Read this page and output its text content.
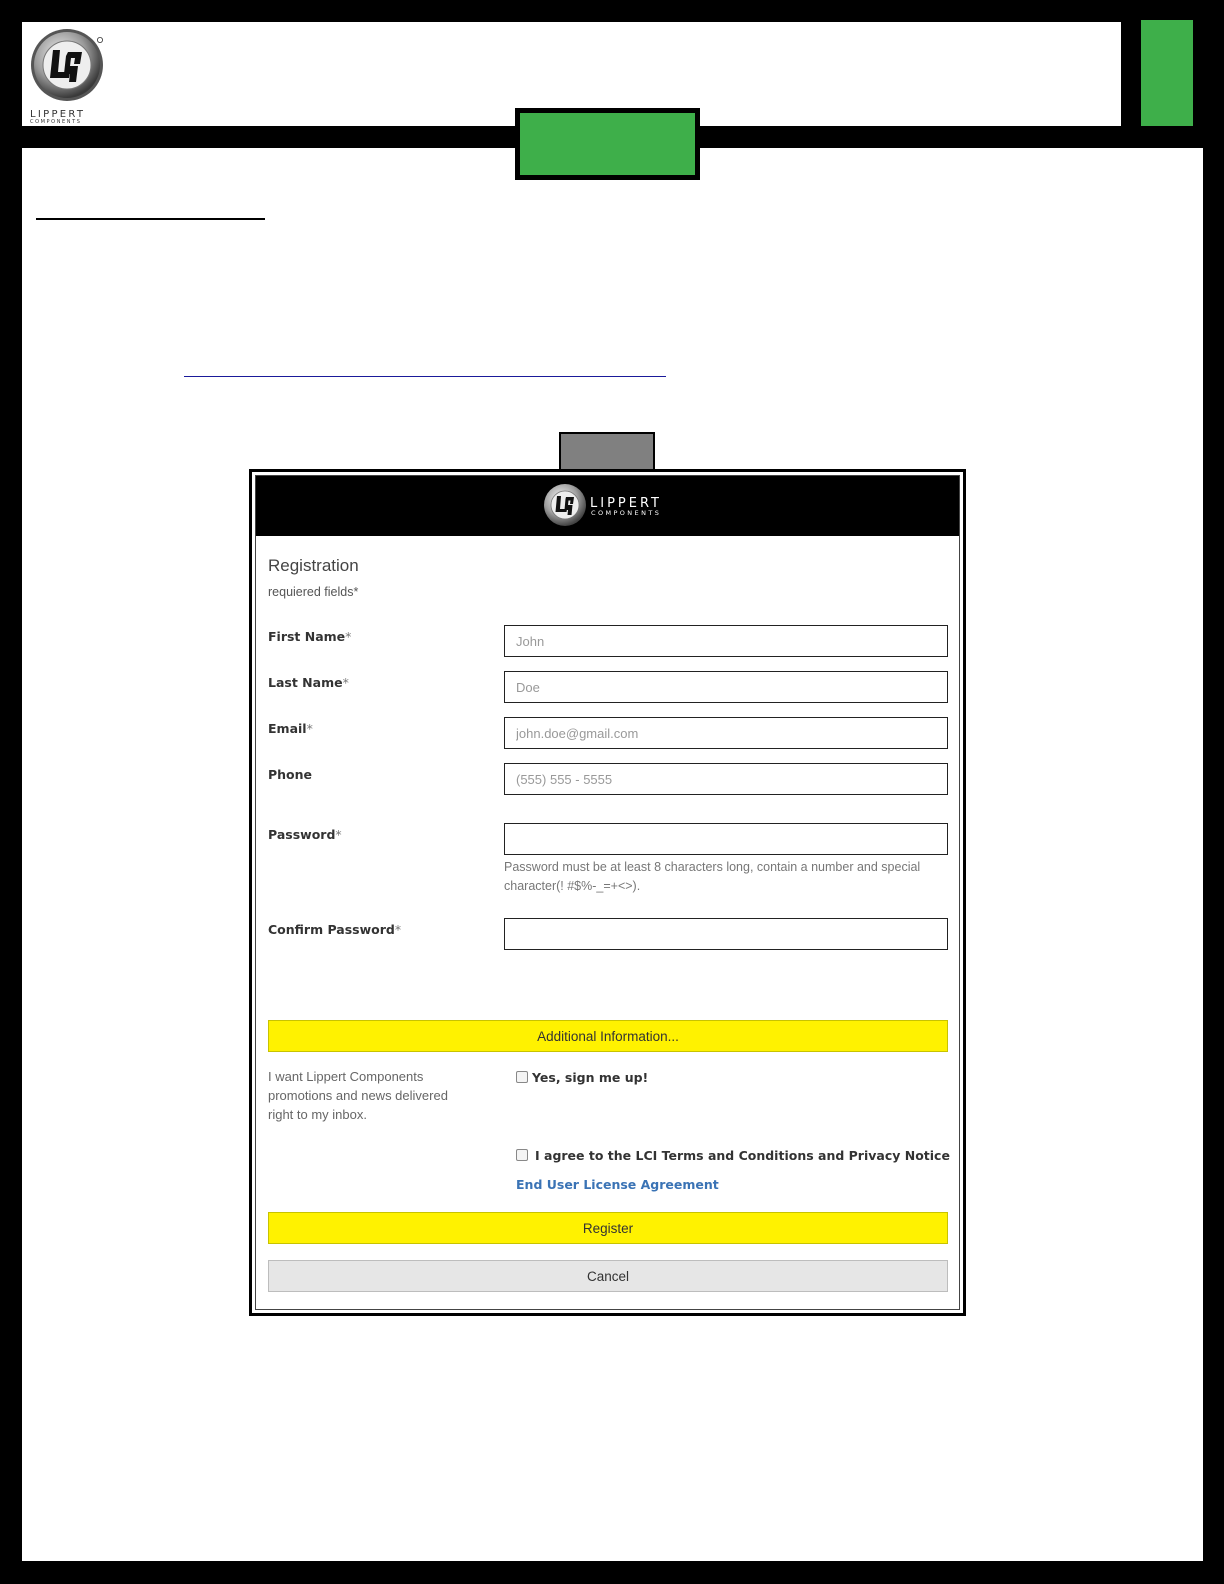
LIPPERT
COMPONENTS
LIPPERT
COMPONENTS
Registration
requiered fields*
First Name*
John
Last Name*
Doe
Email*
john.doe@gmail.com
Phone
(555) 555 - 5555
Password*
Password must be at least 8 characters long, contain a number and special character(! #$%-_=+<>).
Confirm Password*
Additional Information...
I want Lippert Components promotions and news delivered right to my inbox.
Yes, sign me up!
I agree to the LCI Terms and Conditions and Privacy Notice
End User License Agreement
Register
Cancel
